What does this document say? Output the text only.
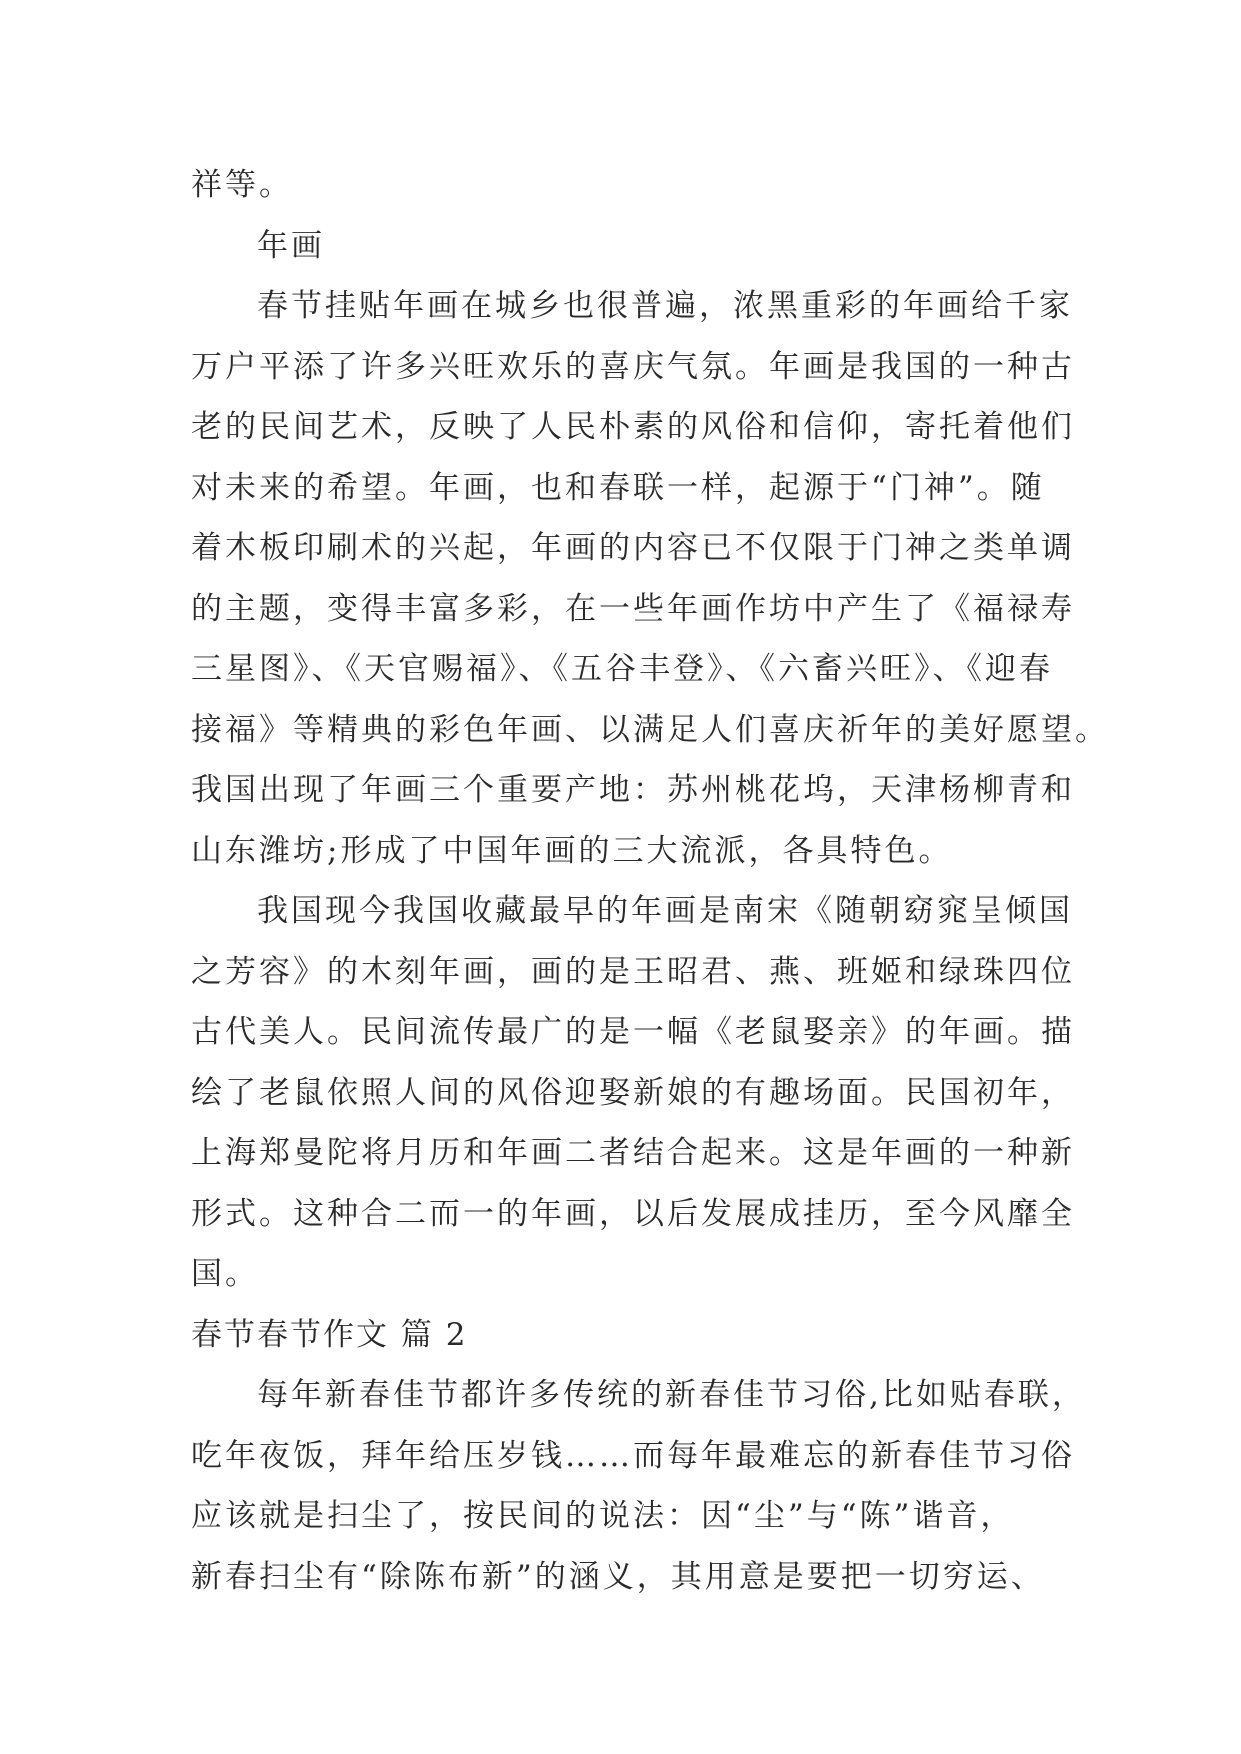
祥等。
年画
春节挂贴年画在城乡也很普遍，浓黑重彩的年画给千家
万户平添了许多兴旺欢乐的喜庆气氛。年画是我国的一种古
老的民间艺术，反映了人民朴素的风俗和信仰，寄托着他们
对未来的希望。年画，也和春联一样，起源于“门神”。随
着木板印刷术的兴起，年画的内容已不仅限于门神之类单调
的主题，变得丰富多彩，在一些年画作坊中产生了《福禄寿
三星图》、《天官赐福》、《五谷丰登》、《六畜兴旺》、《迎春
接福》等精典的彩色年画、以满足人们喜庆祈年的美好愿望。
我国出现了年画三个重要产地：苏州桃花坞，天津杨柳青和
山东潍坊;形成了中国年画的三大流派，各具特色。
我国现今我国收藏最早的年画是南宋《随朝窈窕呈倾国
之芳容》的木刻年画，画的是王昭君、燕、班姬和绿珠四位
古代美人。民间流传最广的是一幅《老鼠娶亲》的年画。描
绘了老鼠依照人间的风俗迎娶新娘的有趣场面。民国初年，
上海郑曼陀将月历和年画二者结合起来。这是年画的一种新
形式。这种合二而一的年画，以后发展成挂历，至今风靡全
国。
春节春节作文 篇 2
每年新春佳节都许多传统的新春佳节习俗,比如贴春联，
吃年夜饭，拜年给压岁钱……而每年最难忘的新春佳节习俗
应该就是扫尘了，按民间的说法：因“尘”与“陈”谐音，
新春扫尘有“除陈布新”的涵义，其用意是要把一切穷运、
